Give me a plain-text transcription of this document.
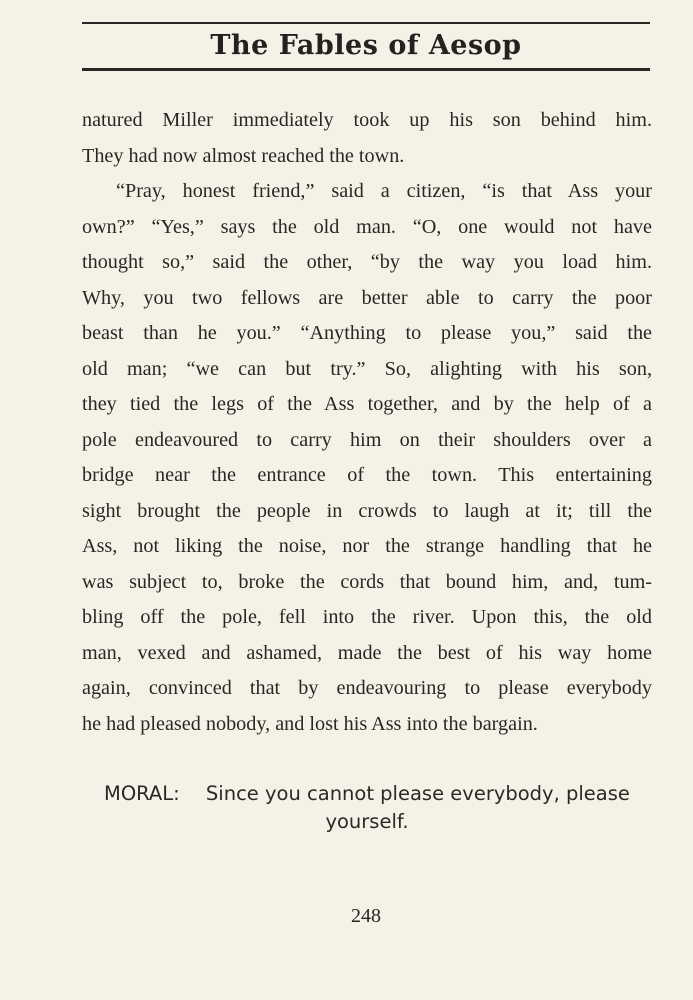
The Fables of Aesop
natured Miller immediately took up his son behind him.
They had now almost reached the town.
“Pray, honest friend,” said a citizen, “is that Ass your
own?” “Yes,” says the old man. “O, one would not have
thought so,” said the other, “by the way you load him.
Why, you two fellows are better able to carry the poor
beast than he you.” “Anything to please you,” said the
old man; “we can but try.” So, alighting with his son,
they tied the legs of the Ass together, and by the help of a
pole endeavoured to carry him on their shoulders over a
bridge near the entrance of the town. This entertaining
sight brought the people in crowds to laugh at it; till the
Ass, not liking the noise, nor the strange handling that he
was subject to, broke the cords that bound him, and, tum-
bling off the pole, fell into the river. Upon this, the old
man, vexed and ashamed, made the best of his way home
again, convinced that by endeavouring to please everybody
he had pleased nobody, and lost his Ass into the bargain.
MORAL: Since you cannot please everybody, please
yourself.
248
